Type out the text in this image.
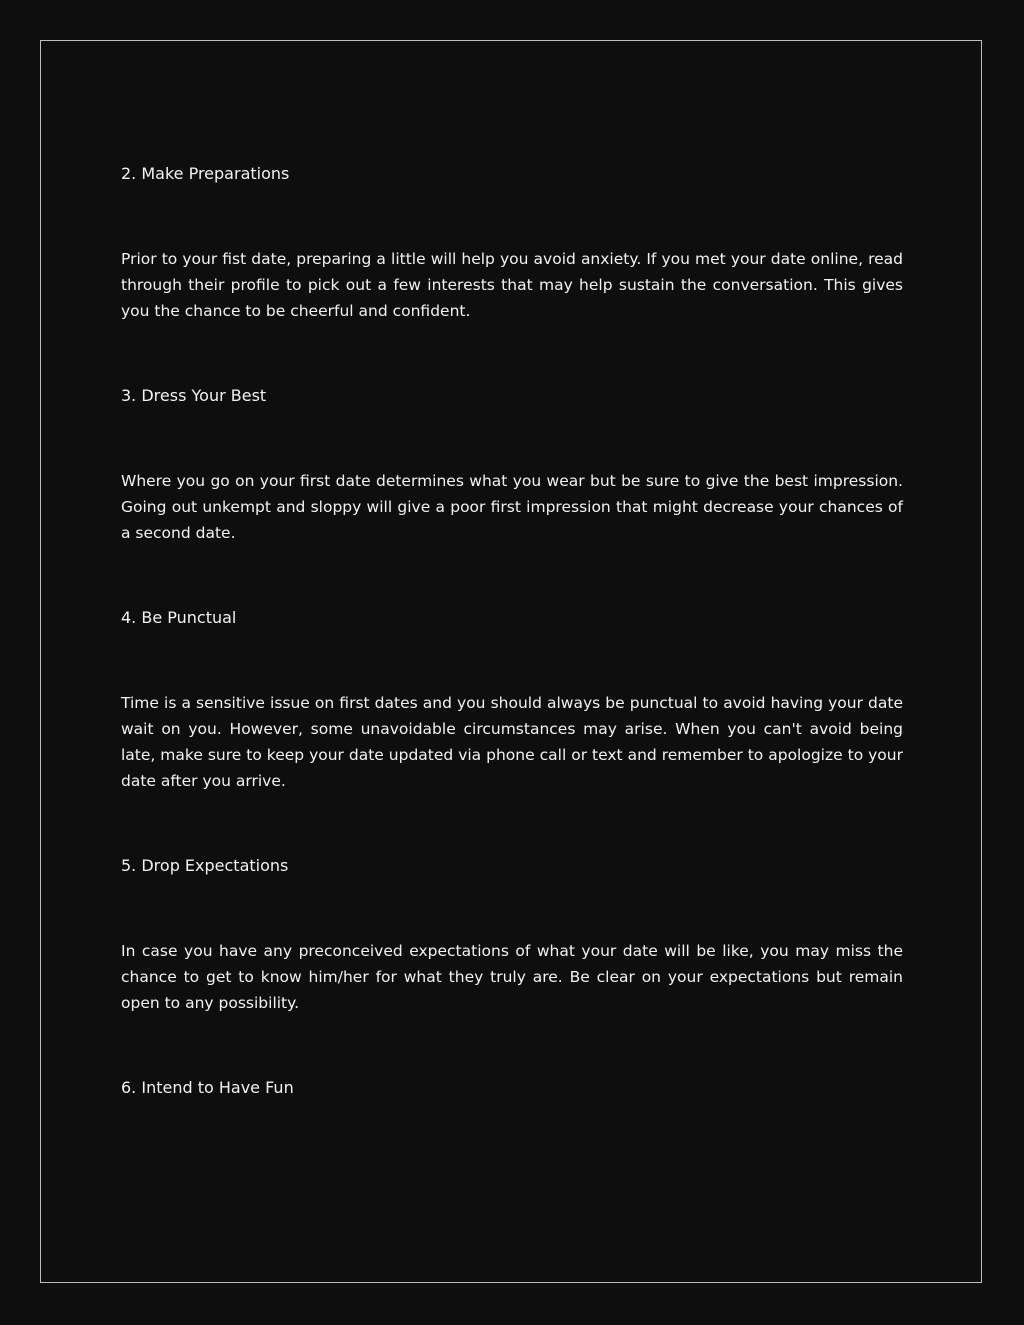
2. Make Preparations

Prior to your fist date, preparing a little will help you avoid anxiety. If you met your date online, read through their profile to pick out a few interests that may help sustain the conversation. This gives you the chance to be cheerful and confident.

3. Dress Your Best

Where you go on your first date determines what you wear but be sure to give the best impression. Going out unkempt and sloppy will give a poor first impression that might decrease your chances of a second date.

4. Be Punctual

Time is a sensitive issue on first dates and you should always be punctual to avoid having your date wait on you. However, some unavoidable circumstances may arise. When you can't avoid being late, make sure to keep your date updated via phone call or text and remember to apologize to your date after you arrive.

5. Drop Expectations

In case you have any preconceived expectations of what your date will be like, you may miss the chance to get to know him/her for what they truly are. Be clear on your expectations but remain open to any possibility.

6. Intend to Have Fun
